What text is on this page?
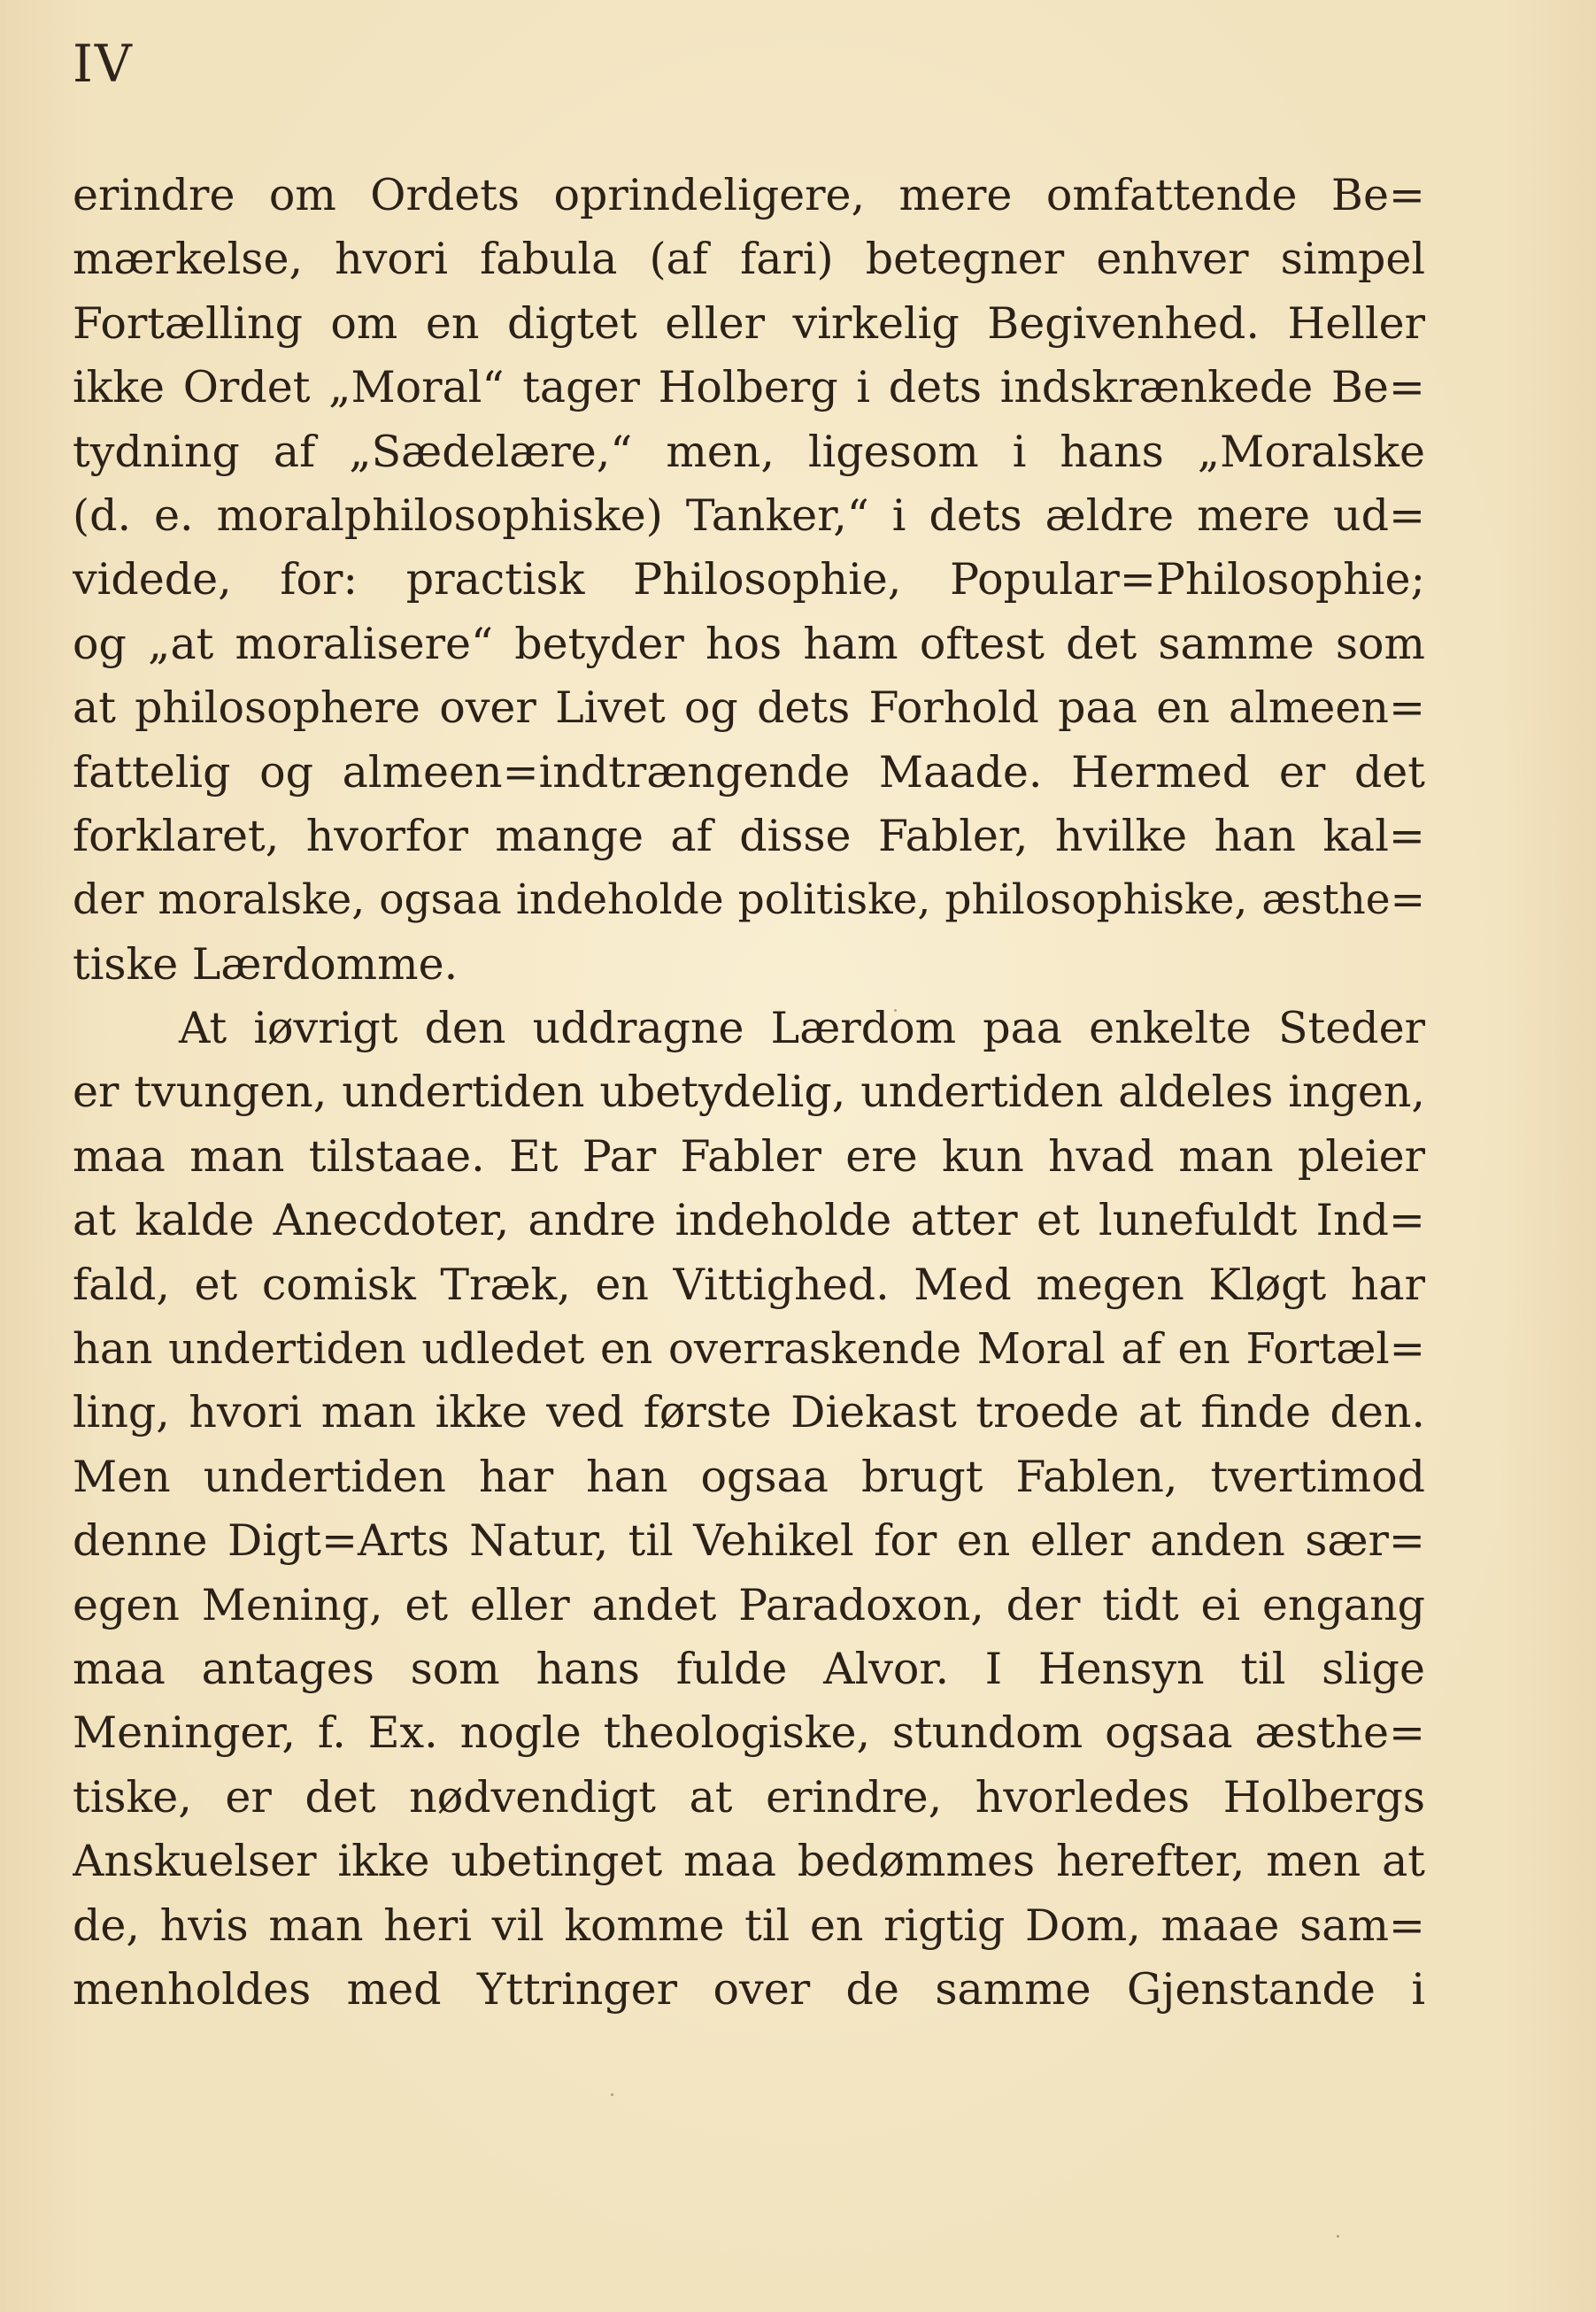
IV
erindre om Ordets oprindeligere, mere omfattende Be=
mærkelse, hvori fabula (af fari) betegner enhver simpel
Fortælling om en digtet eller virkelig Begivenhed. Heller
ikke Ordet „Moral“ tager Holberg i dets indskrænkede Be=
tydning af „Sædelære,“ men, ligesom i hans „Moralske
(d. e. moralphilosophiske) Tanker,“ i dets ældre mere ud=
videde, for: practisk Philosophie, Popular=Philosophie;
og „at moralisere“ betyder hos ham oftest det samme som
at philosophere over Livet og dets Forhold paa en almeen=
fattelig og almeen=indtrængende Maade. Hermed er det
forklaret, hvorfor mange af disse Fabler, hvilke han kal=
der moralske, ogsaa indeholde politiske, philosophiske, æsthe=
tiske Lærdomme.
At iøvrigt den uddragne Lærdom paa enkelte Steder
er tvungen, undertiden ubetydelig, undertiden aldeles ingen,
maa man tilstaae. Et Par Fabler ere kun hvad man pleier
at kalde Anecdoter, andre indeholde atter et lunefuldt Ind=
fald, et comisk Træk, en Vittighed. Med megen Kløgt har
han undertiden udledet en overraskende Moral af en Fortæl=
ling, hvori man ikke ved første Diekast troede at finde den.
Men undertiden har han ogsaa brugt Fablen, tvertimod
denne Digt=Arts Natur, til Vehikel for en eller anden sær=
egen Mening, et eller andet Paradoxon, der tidt ei engang
maa antages som hans fulde Alvor. I Hensyn til slige
Meninger, f. Ex. nogle theologiske, stundom ogsaa æsthe=
tiske, er det nødvendigt at erindre, hvorledes Holbergs
Anskuelser ikke ubetinget maa bedømmes herefter, men at
de, hvis man heri vil komme til en rigtig Dom, maae sam=
menholdes med Yttringer over de samme Gjenstande i
